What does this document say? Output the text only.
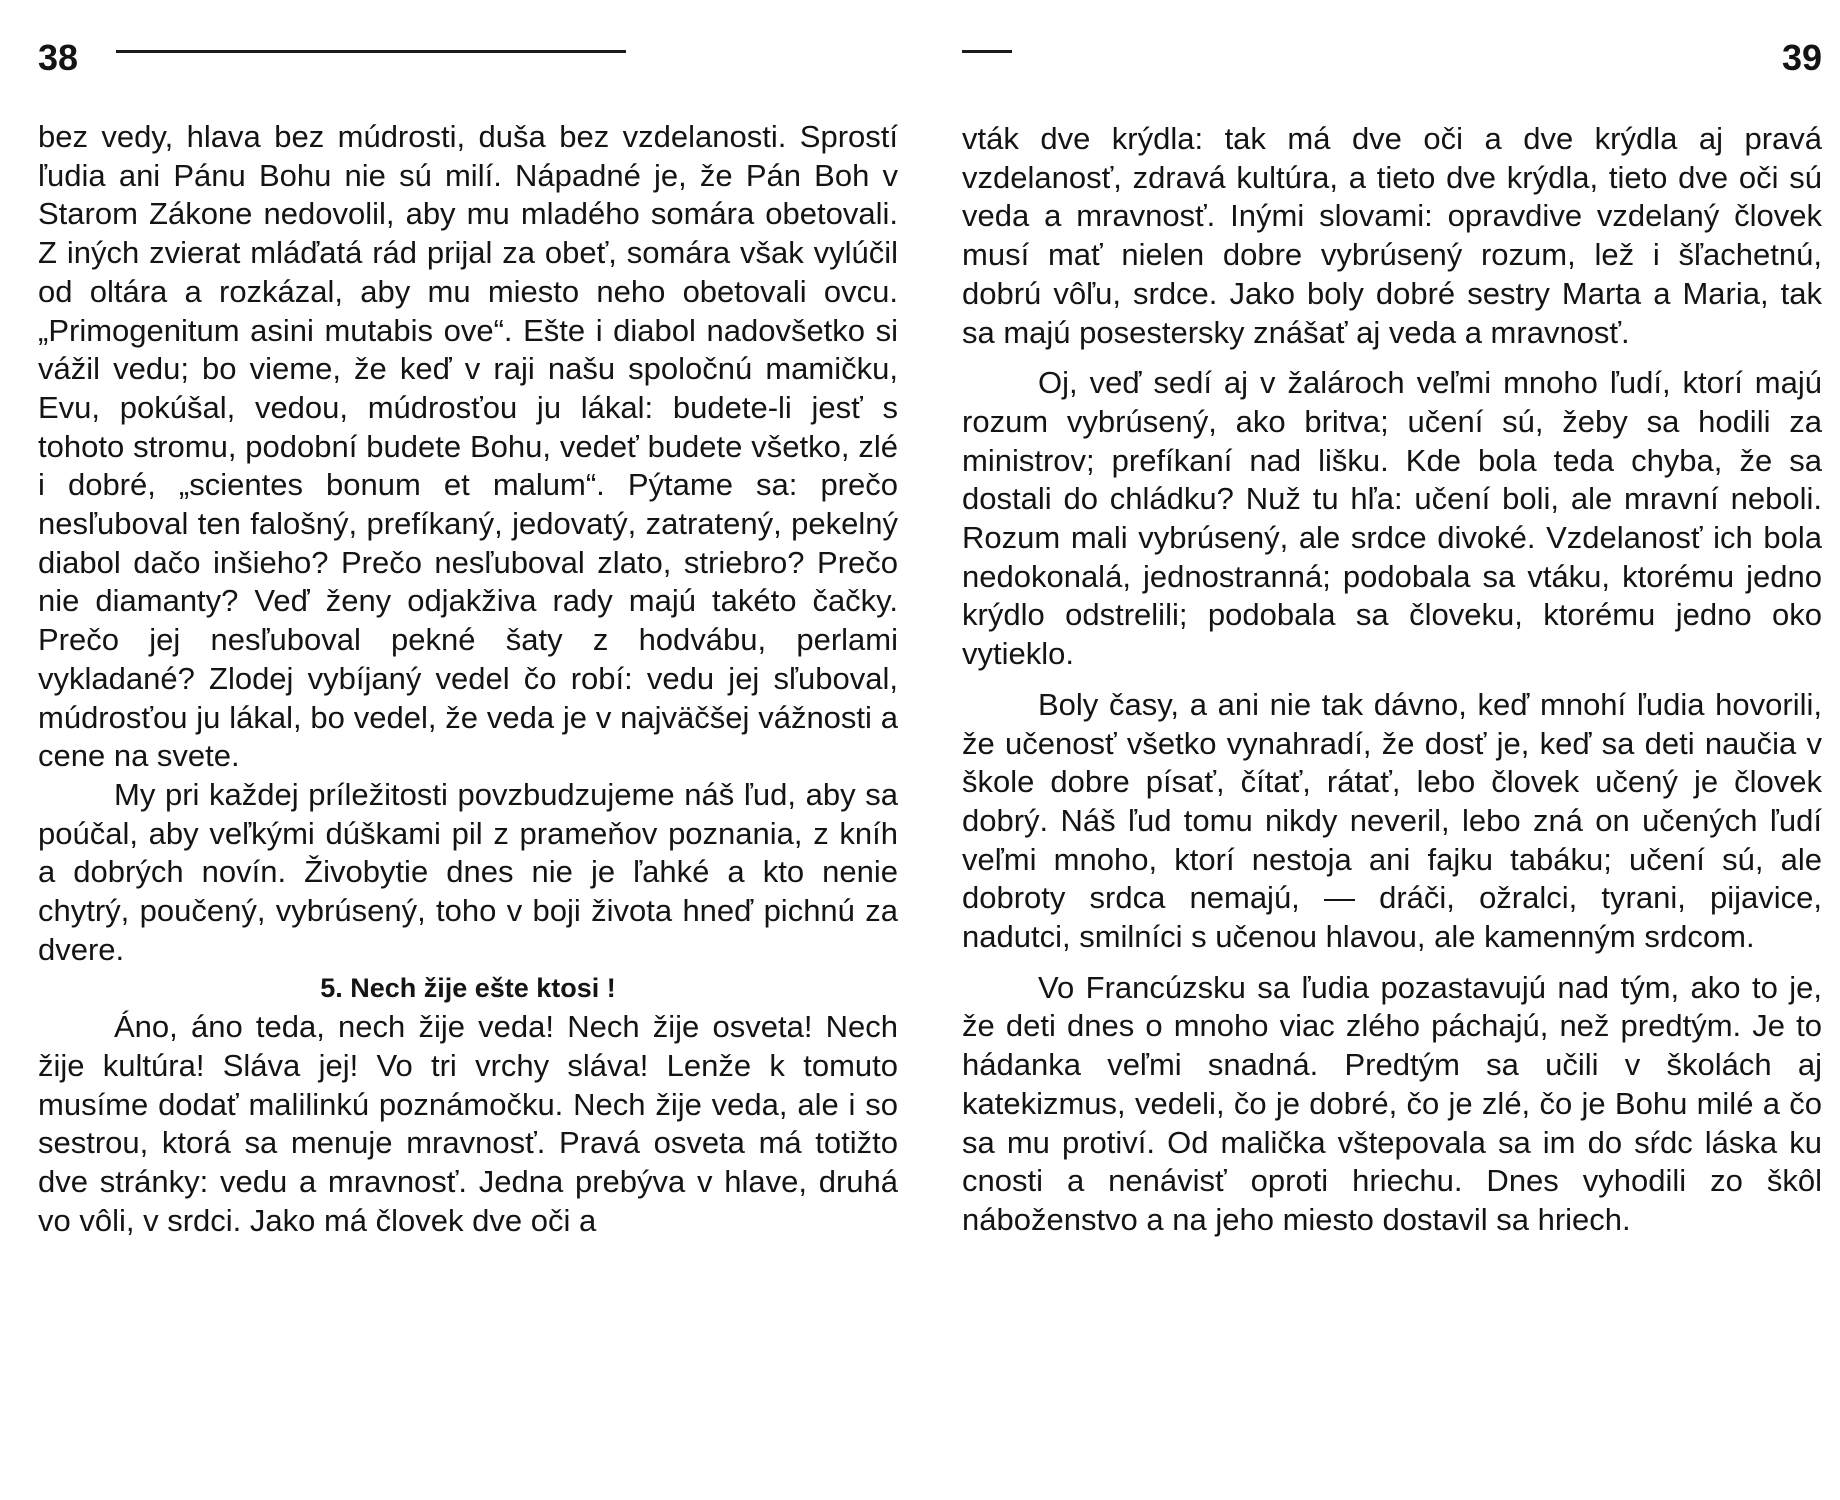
38

bez vedy, hlava bez múdrosti, duša bez vzdelanosti. Sprostí ľudia ani Pánu Bohu nie sú milí. Nápadné je, že Pán Boh v Starom Zákone nedovolil, aby mu mladého somára obetovali. Z iných zvierat mláďatá rád prijal za obeť, somára však vylúčil od oltára a rozkázal, aby mu miesto neho obetovali ovcu. „Primogenitum asini mutabis ove“. Ešte i diabol nadovšetko si vážil vedu; bo vieme, že keď v raji našu spoločnú mamičku, Evu, pokúšal, vedou, múdrosťou ju lákal: budete-li jesť s tohoto stromu, podobní budete Bohu, vedeť budete všetko, zlé i dobré, „scientes bonum et malum“. Pýtame sa: prečo nesľuboval ten falošný, prefíkaný, jedovatý, zatratený, pekelný diabol dačo inšieho? Prečo nesľuboval zlato, striebro? Prečo nie diamanty? Veď ženy odjakživa rady majú takéto čačky. Prečo jej nesľuboval pekné šaty z hodvábu, perlami vykladané? Zlodej vybíjaný vedel čo robí: vedu jej sľuboval, múdrosťou ju lákal, bo vedel, že veda je v najväčšej vážnosti a cene na svete.

My pri každej príležitosti povzbudzujeme náš ľud, aby sa poúčal, aby veľkými dúškami pil z prameňov poznania, z kníh a dobrých novín. Živobytie dnes nie je ľahké a kto nenie chytrý, poučený, vybrúsený, toho v boji života hneď pichnú za dvere.

5. Nech žije ešte ktosi !

Áno, áno teda, nech žije veda! Nech žije osveta! Nech žije kultúra! Sláva jej! Vo tri vrchy sláva! Lenže k tomuto musíme dodať malilinkú poznámočku. Nech žije veda, ale i so sestrou, ktorá sa menuje mravnosť. Pravá osveta má totižto dve stránky: vedu a mravnosť. Jedna prebýva v hlave, druhá vo vôli, v srdci. Jako má človek dve oči a

39

vták dve krýdla: tak má dve oči a dve krýdla aj pravá vzdelanosť, zdravá kultúra, a tieto dve krýdla, tieto dve oči sú veda a mravnosť. Inými slovami: opravdive vzdelaný človek musí mať nielen dobre vybrúsený rozum, lež i šľachetnú, dobrú vôľu, srdce. Jako boly dobré sestry Marta a Maria, tak sa majú posestersky znášať aj veda a mravnosť.

Oj, veď sedí aj v žalároch veľmi mnoho ľudí, ktorí majú rozum vybrúsený, ako britva; učení sú, žeby sa hodili za ministrov; prefíkaní nad lišku. Kde bola teda chyba, že sa dostali do chládku? Nuž tu hľa: učení boli, ale mravní neboli. Rozum mali vybrúsený, ale srdce divoké. Vzdelanosť ich bola nedokonalá, jednostranná; podobala sa vtáku, ktorému jedno krýdlo odstrelili; podobala sa človeku, ktorému jedno oko vytieklo.

Boly časy, a ani nie tak dávno, keď mnohí ľudia hovorili, že učenosť všetko vynahradí, že dosť je, keď sa deti naučia v škole dobre písať, čítať, rátať, lebo človek učený je človek dobrý. Náš ľud tomu nikdy neveril, lebo zná on učených ľudí veľmi mnoho, ktorí nestoja ani fajku tabáku; učení sú, ale dobroty srdca nemajú, — dráči, ožralci, tyrani, pijavice, nadutci, smilníci s učenou hlavou, ale kamenným srdcom.

Vo Francúzsku sa ľudia pozastavujú nad tým, ako to je, že deti dnes o mnoho viac zlého páchajú, než predtým. Je to hádanka veľmi snadná. Predtým sa učili v školách aj katekizmus, vedeli, čo je dobré, čo je zlé, čo je Bohu milé a čo sa mu protiví. Od malička vštepovala sa im do sŕdc láska ku cnosti a nenávisť oproti hriechu. Dnes vyhodili zo škôl náboženstvo a na jeho miesto dostavil sa hriech.
